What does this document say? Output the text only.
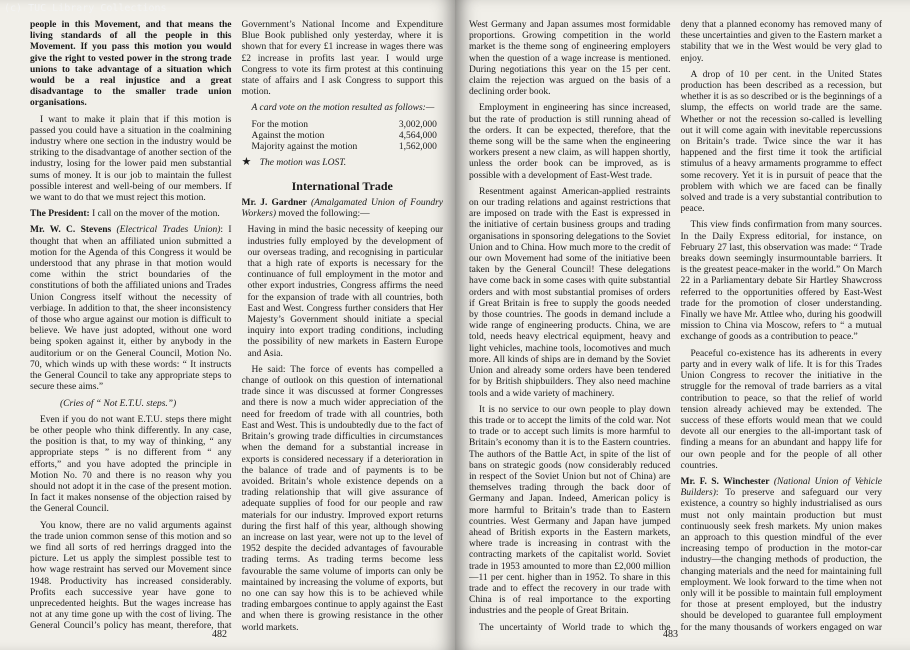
(c) TUC Library Collections

people in this Movement, and that means the living standards of all the people in this Movement. If you pass this motion you would give the right to vested power in the strong trade unions to take advantage of a situation which would be a real injustice and a great disadvantage to the smaller trade union organisations.

I want to make it plain that if this motion is passed you could have a situation in the coalmining industry where one section in the industry would be striking to the disadvantage of another section of the industry, losing for the lower paid men substantial sums of money. It is our job to maintain the fullest possible interest and well-being of our members. If we want to do that we must reject this motion.

The President: I call on the mover of the motion.

Mr. W. C. Stevens (Electrical Trades Union): I thought that when an affiliated union submitted a motion for the Agenda of this Congress it would be understood that any phrase in that motion would come within the strict boundaries of the constitutions of both the affiliated unions and Trades Union Congress itself without the necessity of verbiage. In addition to that, the sheer inconsistency of those who argue against our motion is difficult to believe. We have just adopted, without one word being spoken against it, either by anybody in the auditorium or on the General Council, Motion No. 70, which winds up with these words: “ It instructs the General Council to take any appropriate steps to secure these aims.”

(Cries of “ Not E.T.U. steps.”)

Even if you do not want E.T.U. steps there might be other people who think differently. In any case, the position is that, to my way of thinking, “ any appropriate steps ” is no different from “ any efforts,” and you have adopted the principle in Motion No. 70 and there is no reason why you should not adopt it in the case of the present motion. In fact it makes nonsense of the objection raised by the General Council.

You know, there are no valid arguments against the trade union common sense of this motion and so we find all sorts of red herrings dragged into the picture. Let us apply the simplest possible test to how wage restraint has served our Movement since 1948. Productivity has increased considerably. Profits each successive year have gone to unprecedented heights. But the wages increase has not at any time gone up with the cost of living. The General Council’s policy has meant, therefore, that

Government’s National Income and Expenditure Blue Book published only yesterday, where it is shown that for every £1 increase in wages there was £2 increase in profits last year. I would urge Congress to vote its firm protest at this continuing state of affairs and I ask Congress to support this motion.

A card vote on the motion resulted as follows:—

For the motion	3,002,000
Against the motion	4,564,000
Majority against the motion	1,562,000
★ The motion was LOST.
International Trade

Mr. J. Gardner (Amalgamated Union of Foundry Workers) moved the following:—

Having in mind the basic necessity of keeping our industries fully employed by the development of our overseas trading, and recognising in particular that a high rate of exports is necessary for the continuance of full employment in the motor and other export industries, Congress affirms the need for the expansion of trade with all countries, both East and West. Congress further considers that Her Majesty’s Government should initiate a special inquiry into export trading conditions, including the possibility of new markets in Eastern Europe and Asia.

He said: The force of events has compelled a change of outlook on this question of international trade since it was discussed at former Congresses and there is now a much wider appreciation of the need for freedom of trade with all countries, both East and West. This is undoubtedly due to the fact of Britain’s growing trade difficulties in circumstances when the demand for a substantial increase in exports is considered necessary if a deterioration in the balance of trade and of payments is to be avoided. Britain’s whole existence depends on a trading relationship that will give assurance of adequate supplies of food for our people and raw materials for our industry. Improved export returns during the first half of this year, although showing an increase on last year, were not up to the level of 1952 despite the decided advantages of favourable trading terms. As trading terms become less favourable the same volume of imports can only be maintained by increasing the volume of exports, but no one can say how this is to be achieved while trading embargoes continue to apply against the East and when there is growing resistance in the other world markets.

482

West Germany and Japan assumes most formidable proportions. Growing competition in the world market is the theme song of engineering employers when the question of a wage increase is mentioned. During negotiations this year on the 15 per cent. claim the rejection was argued on the basis of a declining order book.

Employment in engineering has since increased, but the rate of production is still running ahead of the orders. It can be expected, therefore, that the theme song will be the same when the engineering workers present a new claim, as will happen shortly, unless the order book can be improved, as is possible with a development of East-West trade.

Resentment against American-applied restraints on our trading relations and against restrictions that are imposed on trade with the East is expressed in the initiative of certain business groups and trading organisations in sponsoring delegations to the Soviet Union and to China. How much more to the credit of our own Movement had some of the initiative been taken by the General Council! These delegations have come back in some cases with quite substantial orders and with most substantial promises of orders if Great Britain is free to supply the goods needed by those countries. The goods in demand include a wide range of engineering products. China, we are told, needs heavy electrical equipment, heavy and light vehicles, machine tools, locomotives and much more. All kinds of ships are in demand by the Soviet Union and already some orders have been tendered for by British shipbuilders. They also need machine tools and a wide variety of machinery.

It is no service to our own people to play down this trade or to accept the limits of the cold war. Not to trade or to accept such limits is more harmful to Britain’s economy than it is to the Eastern countries. The authors of the Battle Act, in spite of the list of bans on strategic goods (now considerably reduced in respect of the Soviet Union but not of China) are themselves trading through the back door of Germany and Japan. Indeed, American policy is more harmful to Britain’s trade than to Eastern countries. West Germany and Japan have jumped ahead of British exports in the Eastern markets, where trade is increasing in contrast with the contracting markets of the capitalist world. Soviet trade in 1953 amounted to more than £2,000 million—11 per cent. higher than in 1952. To share in this trade and to effect the recovery in our trade with China is of real importance to the exporting industries and the people of Great Britain.

The uncertainty of World trade to which the

deny that a planned economy has removed many of these uncertainties and given to the Eastern market a stability that we in the West would be very glad to enjoy.

A drop of 10 per cent. in the United States production has been described as a recession, but whether it is as so described or is the beginnings of a slump, the effects on world trade are the same. Whether or not the recession so-called is levelling out it will come again with inevitable repercussions on Britain’s trade. Twice since the war it has happened and the first time it took the artificial stimulus of a heavy armaments programme to effect some recovery. Yet it is in pursuit of peace that the problem with which we are faced can be finally solved and trade is a very substantial contribution to peace.

This view finds confirmation from many sources. In the Daily Express editorial, for instance, on February 27 last, this observation was made: “ Trade breaks down seemingly insurmountable barriers. It is the greatest peace-maker in the world.” On March 22 in a Parliamentary debate Sir Hartley Shawcross referred to the opportunities offered by East-West trade for the promotion of closer understanding. Finally we have Mr. Attlee who, during his goodwill mission to China via Moscow, refers to “ a mutual exchange of goods as a contribution to peace.”

Peaceful co-existence has its adherents in every party and in every walk of life. It is for this Trades Union Congress to recover the initiative in the struggle for the removal of trade barriers as a vital contribution to peace, so that the relief of world tension already achieved may be extended. The success of these efforts would mean that we could devote all our energies to the all-important task of finding a means for an abundant and happy life for our own people and for the people of all other countries.

Mr. F. S. Winchester (National Union of Vehicle Builders): To preserve and safeguard our very existence, a country so highly industrialised as ours must not only maintain production but must continuously seek fresh markets. My union makes an approach to this question mindful of the ever increasing tempo of production in the motor-car industry—the changing methods of production, the changing materials and the need for maintaining full employment. We look forward to the time when not only will it be possible to maintain full employment for those at present employed, but the industry should be developed to guarantee full employment for the many thousands of workers engaged on war

483
